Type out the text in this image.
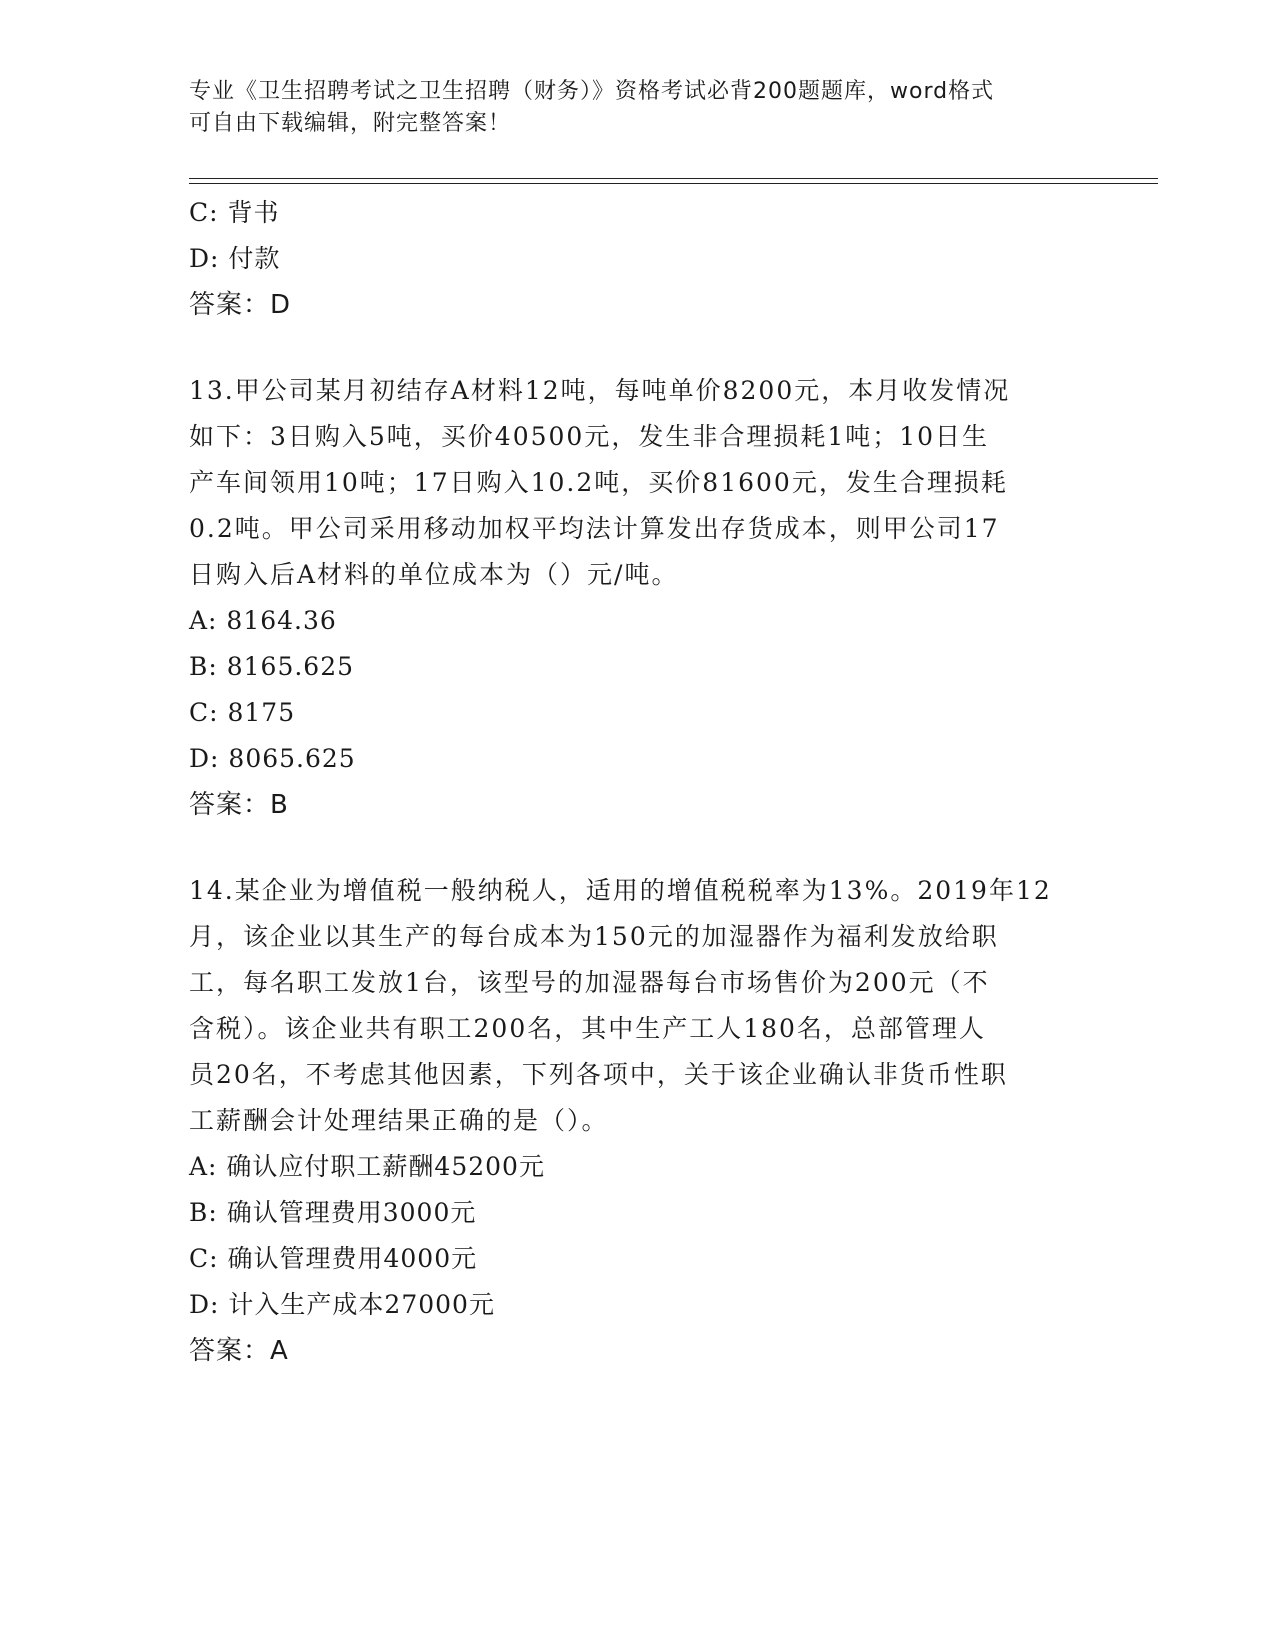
专业《卫生招聘考试之卫生招聘（财务）》资格考试必背200题题库，word格式
可自由下载编辑，附完整答案！
C: 背书
D: 付款
答案：D
13.甲公司某月初结存A材料12吨，每吨单价8200元，本月收发情况
如下：3日购入5吨，买价40500元，发生非合理损耗1吨；10日生
产车间领用10吨；17日购入10.2吨，买价81600元，发生合理损耗
0.2吨。甲公司采用移动加权平均法计算发出存货成本，则甲公司17
日购入后A材料的单位成本为（）元/吨。
A: 8164.36
B: 8165.625
C: 8175
D: 8065.625
答案：B
14.某企业为增值税一般纳税人，适用的增值税税率为13%。2019年12
月，该企业以其生产的每台成本为150元的加湿器作为福利发放给职
工，每名职工发放1台，该型号的加湿器每台市场售价为200元（不
含税）。该企业共有职工200名，其中生产工人180名，总部管理人
员20名，不考虑其他因素，下列各项中，关于该企业确认非货币性职
工薪酬会计处理结果正确的是（）。
A: 确认应付职工薪酬45200元
B: 确认管理费用3000元
C: 确认管理费用4000元
D: 计入生产成本27000元
答案：A
